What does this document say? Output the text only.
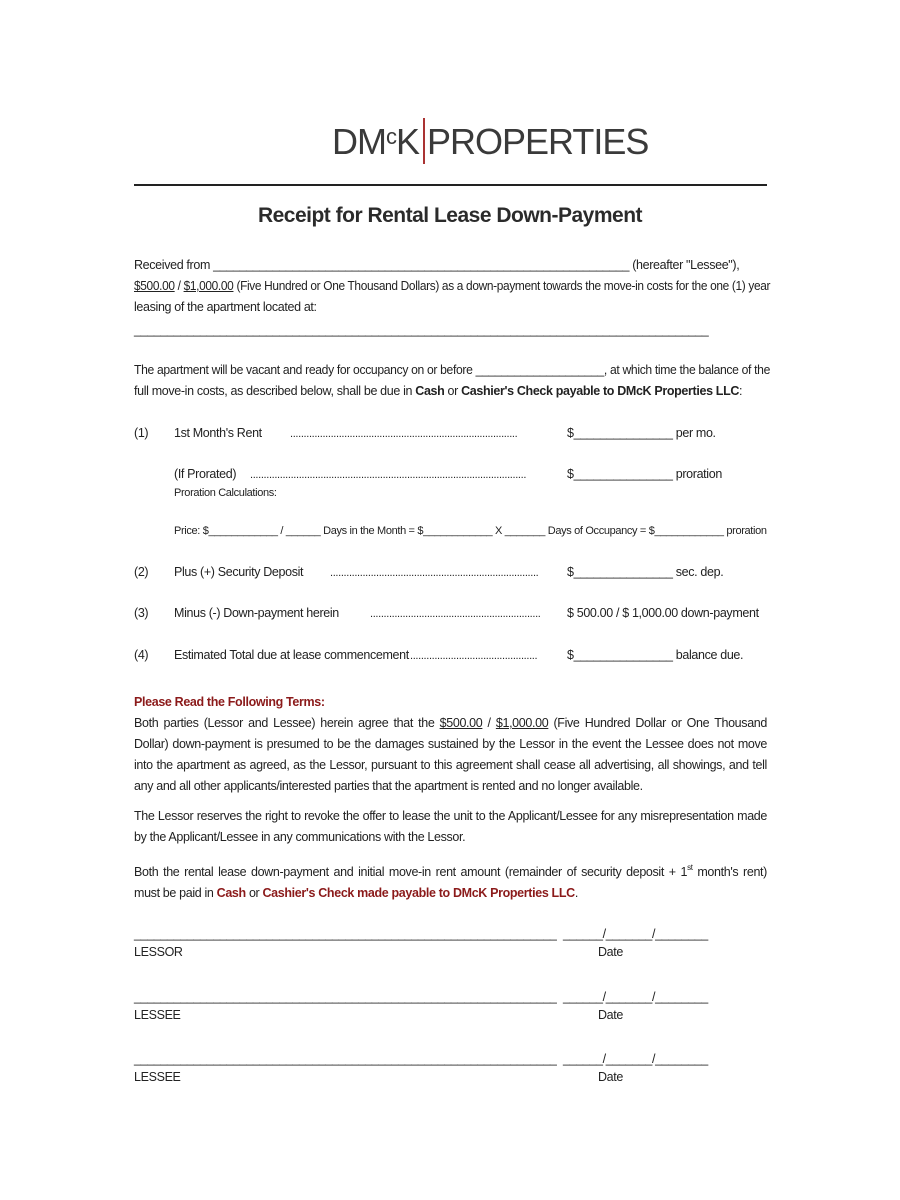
$DM^cK$ PROPERTIES
Receipt for Rental Lease Down-Payment
Received from _______________________________________________________________ (hereafter "Lessee"),
$500.00 / $1,000.00 (Five Hundred or One Thousand Dollars) as a down-payment towards the move-in costs for the one (1) year
leasing of the apartment located at:
_______________________________________________________________________________________
The apartment will be vacant and ready for occupancy on or before ____________________, at which time the balance of the
full move-in costs, as described below, shall be due in Cash or Cashier's Check payable to DMcK Properties LLC:
(1) 1st Month's Rent	....................................................................................	$_______________ per mo.
(If Prorated) ......................................................................................................	$_______________ proration
Proration Calculations:
Price: $____________ / ______ Days in the Month = $____________ X _______ Days of Occupancy = $____________ proration
(2) Plus (+) Security Deposit ............................................................................. $_______________ sec. dep.
(3) Minus (-) Down-payment herein	............................................................... $ 500.00 / $ 1,000.00 down-payment
(4) Estimated Total due at lease commencement ............................................... $_______________ balance due.
Please Read the Following Terms:
Both parties (Lessor and Lessee) herein agree that the $500.00 / $1,000.00 (Five Hundred Dollar or One Thousand Dollar) down-payment is presumed to be the damages sustained by the Lessor in the event the Lessee does not move into the apartment as agreed, as the Lessor, pursuant to this agreement shall cease all advertising, all showings, and tell any and all other applicants/interested parties that the apartment is rented and no longer available.
The Lessor reserves the right to revoke the offer to lease the unit to the Applicant/Lessee for any misrepresentation made by the Applicant/Lessee in any communications with the Lessor.
Both the rental lease down-payment and initial move-in rent amount (remainder of security deposit + 1st month's rent) must be paid in Cash or Cashier's Check made payable to DMcK Properties LLC.
________________________________________________________________ ______/_______/________
LESSOR	Date
________________________________________________________________ ______/_______/________
LESSEE	Date
________________________________________________________________ ______/_______/________
LESSEE	Date
